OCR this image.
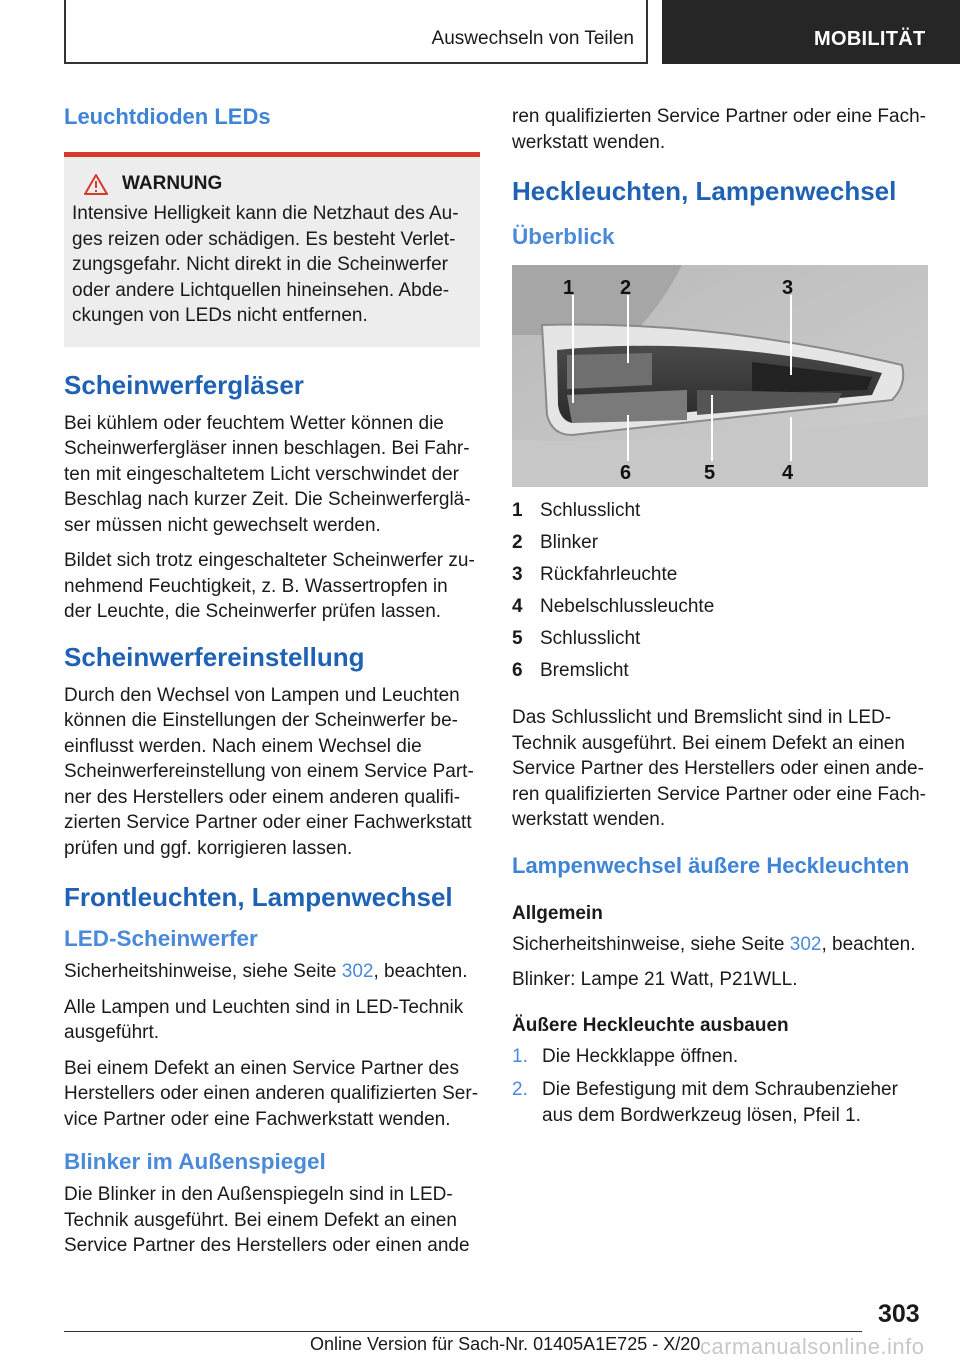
Auswechseln von Teilen	MOBILITÄT
Leuchtdioden LEDs
WARNUNG

Intensive Helligkeit kann die Netzhaut des Auges reizen oder schädigen. Es besteht Verletzungsgefahr. Nicht direkt in die Scheinwerfer oder andere Lichtquellen hineinsehen. Abdeckungen von LEDs nicht entfernen.

Scheinwerfergläser

Bei kühlem oder feuchtem Wetter können die Scheinwerfergläser innen beschlagen. Bei Fahrten mit eingeschaltetem Licht verschwindet der Beschlag nach kurzer Zeit. Die Scheinwerfergläser müssen nicht gewechselt werden.

Bildet sich trotz eingeschalteter Scheinwerfer zunehmend Feuchtigkeit, z. B. Wassertropfen in der Leuchte, die Scheinwerfer prüfen lassen.

Scheinwerfereinstellung

Durch den Wechsel von Lampen und Leuchten können die Einstellungen der Scheinwerfer beeinflusst werden. Nach einem Wechsel die Scheinwerfereinstellung von einem Service Partner des Herstellers oder einem anderen qualifizierten Service Partner oder einer Fachwerkstatt prüfen und ggf. korrigieren lassen.

Frontleuchten, Lampenwechsel
LED-Scheinwerfer

Sicherheitshinweise, siehe Seite 302, beachten.

Alle Lampen und Leuchten sind in LED-Technik ausgeführt.

Bei einem Defekt an einen Service Partner des Herstellers oder einen anderen qualifizierten Service Partner oder eine Fachwerkstatt wenden.

Blinker im Außenspiegel

Die Blinker in den Außenspiegeln sind in LED-Technik ausgeführt. Bei einem Defekt an einen Service Partner des Herstellers oder einen ande

ren qualifizierten Service Partner oder eine Fachwerkstatt wenden.

Heckleuchten, Lampenwechsel
Überblick
1 2	3
4
5
6
1 Schlusslicht
2 Blinker
3 Rückfahrleuchte
4 Nebelschlussleuchte
5 Schlusslicht
6 Bremslicht

Das Schlusslicht und Bremslicht sind in LED-Technik ausgeführt. Bei einem Defekt an einen Service Partner des Herstellers oder einen anderen qualifizierten Service Partner oder eine Fachwerkstatt wenden.

Lampenwechsel äußere Heckleuchten
Allgemein

Sicherheitshinweise, siehe Seite 302, beachten.

Blinker: Lampe 21 Watt, P21WLL.

Äußere Heckleuchte ausbauen
1. Die Heckklappe öffnen.
2. Die Befestigung mit dem Schraubenzieher aus dem Bordwerkzeug lösen, Pfeil 1.
303
Online Version für Sach-Nr. 01405A1E725 - X/20 carmanualsonline.info
